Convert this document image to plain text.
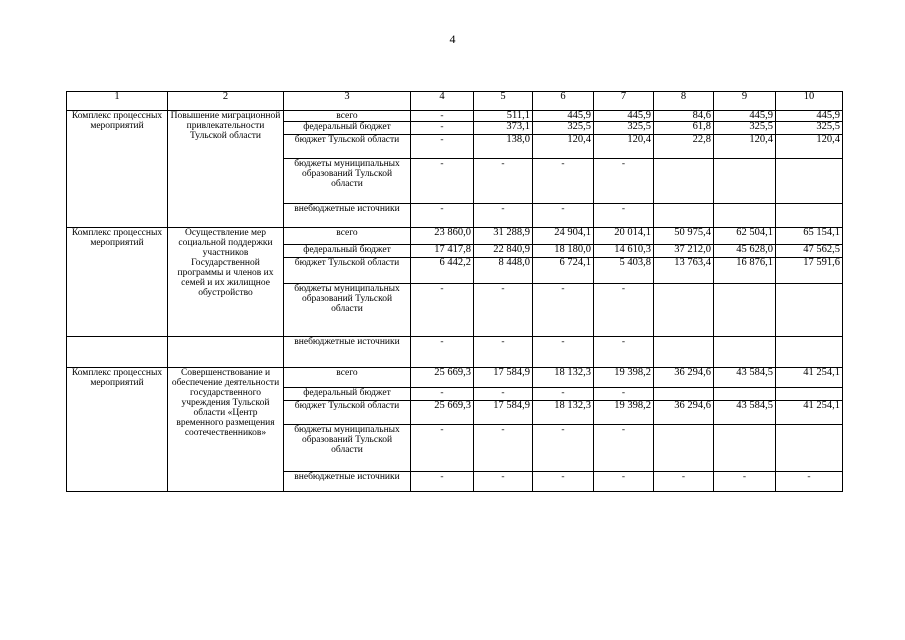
4
1	2	3	4	5	6	7	8	9	10
Комплекс процессных мероприятий	Повышение миграционной привлекательности Тульской области	всего	-	511,1	445,9	445,9	84,6	445,9	445,9
		федеральный бюджет	-	373,1	325,5	325,5	61,8	325,5	325,5
		бюджет Тульской области	-	138,0	120,4	120,4	22,8	120,4	120,4
		бюджеты муниципальных образований Тульской области	-	-	-	-			
		внебюджетные источники	-	-	-	-			
Комплекс процессных мероприятий	Осуществление мер социальной поддержки участников Государственной программы и членов их семей и их жилищное обустройство	всего	23 860,0	31 288,9	24 904,1	20 014,1	50 975,4	62 504,1	65 154,1
		федеральный бюджет	17 417,8	22 840,9	18 180,0	14 610,3	37 212,0	45 628,0	47 562,5
		бюджет Тульской области	6 442,2	8 448,0	6 724,1	5 403,8	13 763,4	16 876,1	17 591,6
		бюджеты муниципальных образований Тульской области	-	-	-	-			
		внебюджетные источники	-	-	-	-			
Комплекс процессных мероприятий	Совершенствование и обеспечение деятельности государственного учреждения Тульской области «Центр временного размещения соотечественников»	всего	25 669,3	17 584,9	18 132,3	19 398,2	36 294,6	43 584,5	41 254,1
		федеральный бюджет	-	-	-	-			
		бюджет Тульской области	25 669,3	17 584,9	18 132,3	19 398,2	36 294,6	43 584,5	41 254,1
		бюджеты муниципальных образований Тульской области	-	-	-	-			
		внебюджетные источники	-	-	-	-	-	-	-
